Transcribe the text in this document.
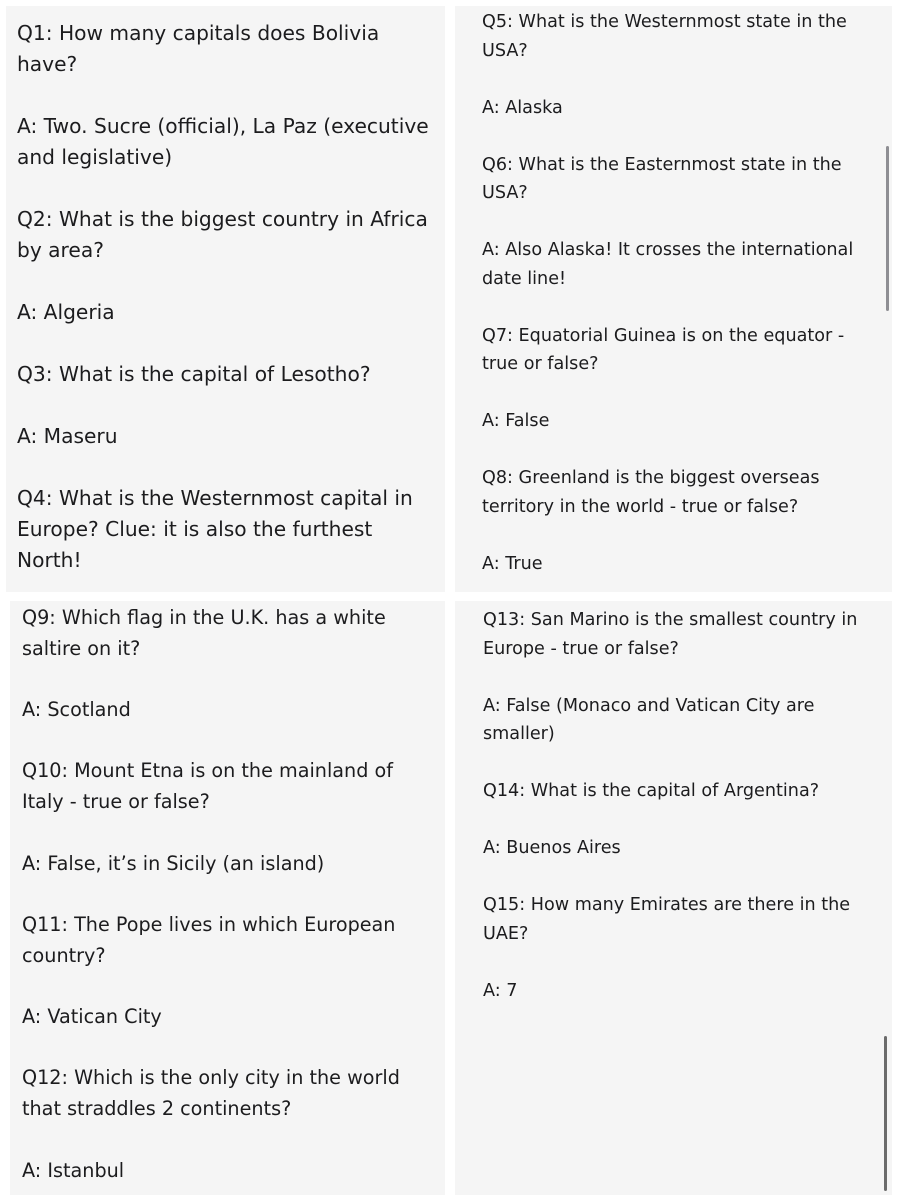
Q1: How many capitals does Bolivia have?
A: Two. Sucre (official), La Paz (executive and legislative)
Q2: What is the biggest country in Africa by area?
A: Algeria
Q3: What is the capital of Lesotho?
A: Maseru
Q4: What is the Westernmost capital in Europe? Clue: it is also the furthest North!
Q5: What is the Westernmost state in the USA?
A: Alaska
Q6: What is the Easternmost state in the USA?
A: Also Alaska! It crosses the international date line!
Q7: Equatorial Guinea is on the equator - true or false?
A: False
Q8: Greenland is the biggest overseas territory in the world - true or false?
A: True
Q9: Which flag in the U.K. has a white saltire on it?
A: Scotland
Q10: Mount Etna is on the mainland of Italy - true or false?
A: False, it’s in Sicily (an island)
Q11: The Pope lives in which European country?
A: Vatican City
Q12: Which is the only city in the world that straddles 2 continents?
A: Istanbul
Q13: San Marino is the smallest country in Europe - true or false?
A: False (Monaco and Vatican City are smaller)
Q14: What is the capital of Argentina?
A: Buenos Aires
Q15: How many Emirates are there in the UAE?
A: 7
